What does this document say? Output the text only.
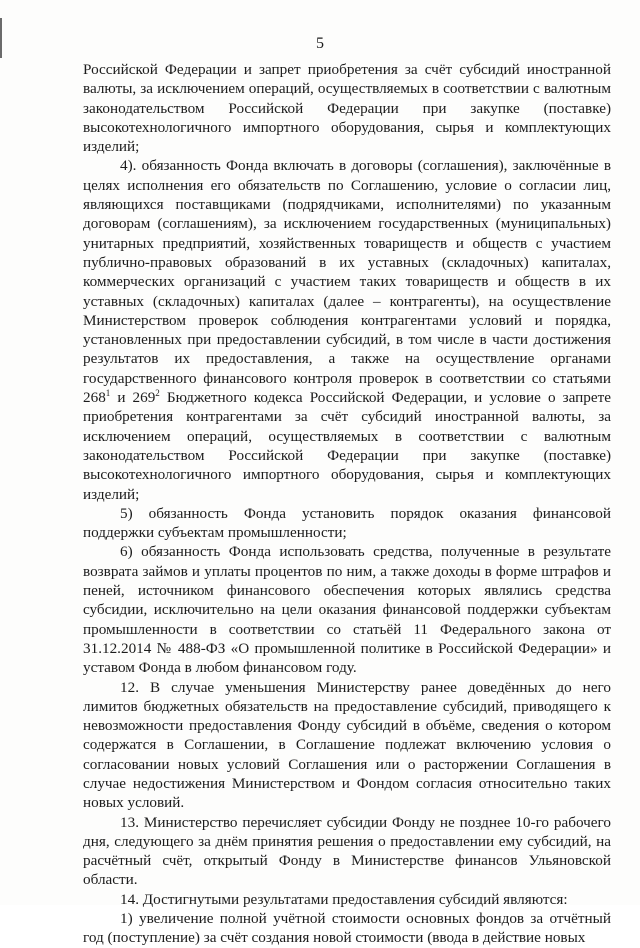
5

Российской Федерации и запрет приобретения за счёт субсидий иностранной валюты, за исключением операций, осуществляемых в соответствии с валютным законодательством Российской Федерации при закупке (поставке) высокотехнологичного импортного оборудования, сырья и комплектующих изделий;

4). обязанность Фонда включать в договоры (соглашения), заключённые в целях исполнения его обязательств по Соглашению, условие о согласии лиц, являющихся поставщиками (подрядчиками, исполнителями) по указанным договорам (соглашениям), за исключением государственных (муниципальных) унитарных предприятий, хозяйственных товариществ и обществ с участием публично-правовых образований в их уставных (складочных) капиталах, коммерческих организаций с участием таких товариществ и обществ в их уставных (складочных) капиталах (далее – контрагенты), на осуществление Министерством проверок соблюдения контрагентами условий и порядка, установленных при предоставлении субсидий, в том числе в части достижения результатов их предоставления, а также на осуществление органами государственного финансового контроля проверок в соответствии со статьями $268^1$ и $269^2$ Бюджетного кодекса Российской Федерации, и условие о запрете приобретения контрагентами за счёт субсидий иностранной валюты, за исключением операций, осуществляемых в соответствии с валютным законодательством Российской Федерации при закупке (поставке) высокотехнологичного импортного оборудования, сырья и комплектующих изделий;

5) обязанность Фонда установить порядок оказания финансовой поддержки субъектам промышленности;

6) обязанность Фонда использовать средства, полученные в результате возврата займов и уплаты процентов по ним, а также доходы в форме штрафов и пеней, источником финансового обеспечения которых являлись средства субсидии, исключительно на цели оказания финансовой поддержки субъектам промышленности в соответствии со статьёй 11 Федерального закона от 31.12.2014 № 488-ФЗ «О промышленной политике в Российской Федерации» и уставом Фонда в любом финансовом году.

12. В случае уменьшения Министерству ранее доведённых до него лимитов бюджетных обязательств на предоставление субсидий, приводящего к невозможности предоставления Фонду субсидий в объёме, сведения о котором содержатся в Соглашении, в Соглашение подлежат включению условия о согласовании новых условий Соглашения или о расторжении Соглашения в случае недостижения Министерством и Фондом согласия относительно таких новых условий.

13. Министерство перечисляет субсидии Фонду не позднее 10-го рабочего дня, следующего за днём принятия решения о предоставлении ему субсидий, на расчётный счёт, открытый Фонду в Министерстве финансов Ульяновской области.

14. Достигнутыми результатами предоставления субсидий являются:

1) увеличение полной учётной стоимости основных фондов за отчётный год (поступление) за счёт создания новой стоимости (ввода в действие новых
